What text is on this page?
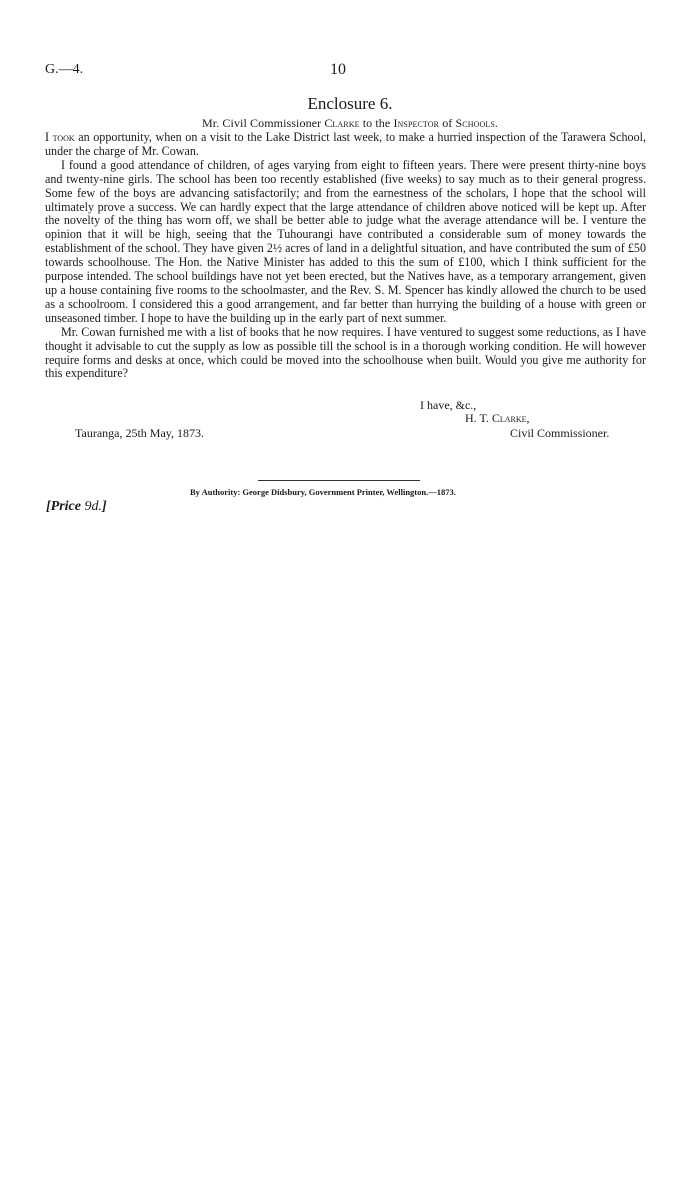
G.—4.	10
Enclosure 6.
Mr. Civil Commissioner Clarke to the Inspector of Schools.

I took an opportunity, when on a visit to the Lake District last week, to make a hurried inspection of the Tarawera School, under the charge of Mr. Cowan.

I found a good attendance of children, of ages varying from eight to fifteen years. There were present thirty-nine boys and twenty-nine girls. The school has been too recently established (five weeks) to say much as to their general progress. Some few of the boys are advancing satisfactorily; and from the earnestness of the scholars, I hope that the school will ultimately prove a success. We can hardly expect that the large attendance of children above noticed will be kept up. After the novelty of the thing has worn off, we shall be better able to judge what the average attendance will be. I venture the opinion that it will be high, seeing that the Tuhourangi have contributed a considerable sum of money towards the establishment of the school. They have given 2½ acres of land in a delightful situation, and have contributed the sum of £50 towards schoolhouse. The Hon. the Native Minister has added to this the sum of £100, which I think sufficient for the purpose intended. The school buildings have not yet been erected, but the Natives have, as a temporary arrangement, given up a house containing five rooms to the schoolmaster, and the Rev. S. M. Spencer has kindly allowed the church to be used as a schoolroom. I considered this a good arrangement, and far better than hurrying the building of a house with green or unseasoned timber. I hope to have the building up in the early part of next summer.

Mr. Cowan furnished me with a list of books that he now requires. I have ventured to suggest some reductions, as I have thought it advisable to cut the supply as low as possible till the school is in a thorough working condition. He will however require forms and desks at once, which could be moved into the schoolhouse when built. Would you give me authority for this expenditure?

I have, &c.,
H. T. Clarke,
Tauranga, 25th May, 1873.	Civil Commissioner.
By Authority: George Didsbury, Government Printer, Wellington.—1873.
[Price 9d.]
